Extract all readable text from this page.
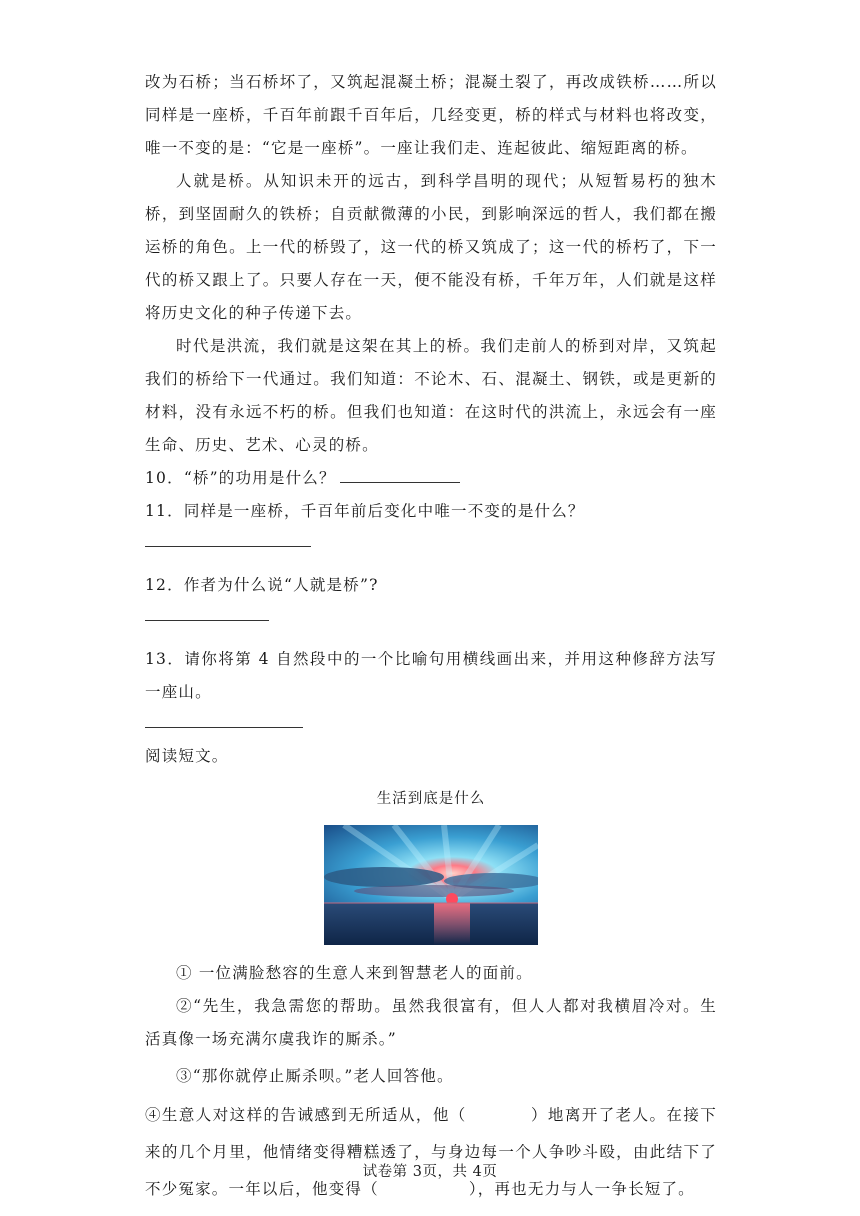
改为石桥；当石桥坏了，又筑起混凝土桥；混凝土裂了，再改成铁桥……所以同样是一座桥，千百年前跟千百年后，几经变更，桥的样式与材料也将改变，唯一不变的是：“它是一座桥”。一座让我们走、连起彼此、缩短距离的桥。

人就是桥。从知识未开的远古，到科学昌明的现代；从短暂易朽的独木桥，到坚固耐久的铁桥；自贡献微薄的小民，到影响深远的哲人，我们都在搬运桥的角色。上一代的桥毁了，这一代的桥又筑成了；这一代的桥朽了，下一代的桥又跟上了。只要人存在一天，便不能没有桥，千年万年，人们就是这样将历史文化的种子传递下去。

时代是洪流，我们就是这架在其上的桥。我们走前人的桥到对岸，又筑起我们的桥给下一代通过。我们知道：不论木、石、混凝土、钢铁，或是更新的材料，没有永远不朽的桥。但我们也知道：在这时代的洪流上，永远会有一座生命、历史、艺术、心灵的桥。

10．“桥”的功用是什么？

11．同样是一座桥，千百年前后变化中唯一不变的是什么？

12．作者为什么说“人就是桥”?

13．请你将第 4 自然段中的一个比喻句用横线画出来，并用这种修辞方法写一座山。

阅读短文。

生活到底是什么

① 一位满脸愁容的生意人来到智慧老人的面前。

②“先生，我急需您的帮助。虽然我很富有，但人人都对我横眉冷对。生活真像一场充满尔虞我诈的厮杀。”

③“那你就停止厮杀呗。”老人回答他。

④生意人对这样的告诫感到无所适从，他（	）地离开了老人。在接下来的几个月里，他情绪变得糟糕透了，与身边每一个人争吵斗殴，由此结下了不少冤家。一年以后，他变得（	），再也无力与人一争长短了。

试卷第 3页，共 4页
